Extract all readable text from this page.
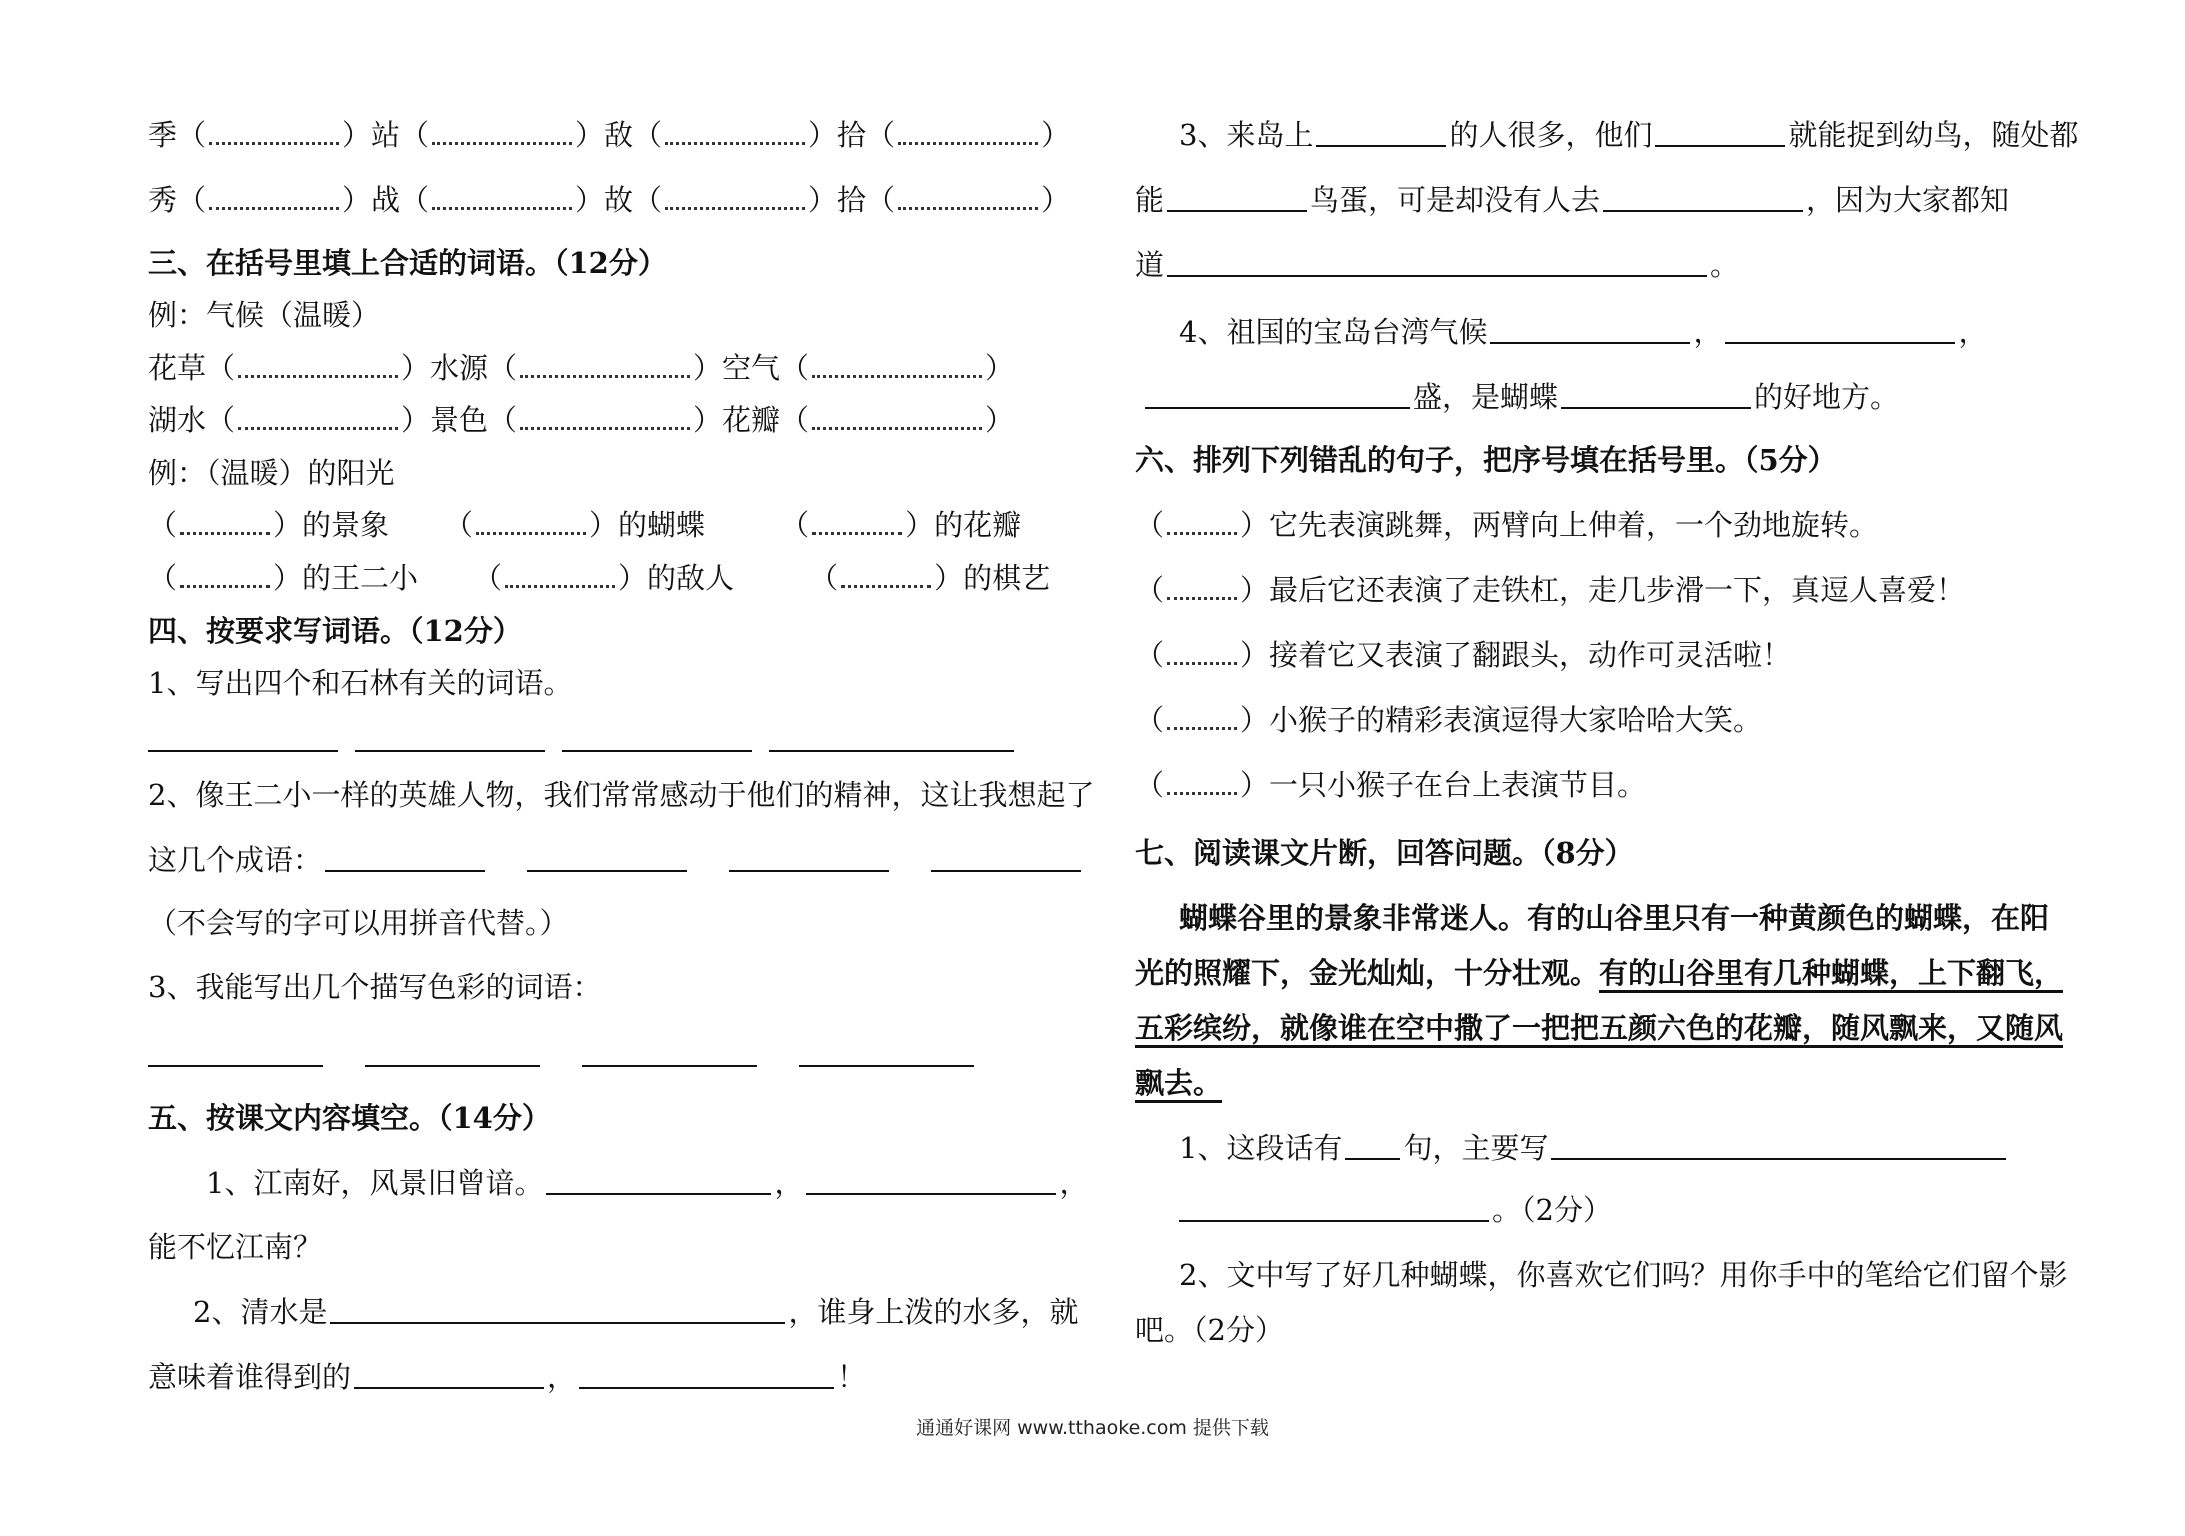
季（	）站（	）敌（	）拾（	）
秀（	）战（	）故（	）拾（	）
三、在括号里填上合适的词语。（12分）
例：气候（温暖）
花草（	）水源（	）空气（	）
湖水（	）景色（	）花瓣（	）
例：（温暖）的阳光
（	）的景象 （	）的蝴蝶	（	）的花瓣
（	）的王二小 （	）的敌人	（	）的棋艺
四、按要求写词语。（12分）
1、写出四个和石林有关的词语。
2、像王二小一样的英雄人物，我们常常感动于他们的精神，这让我想起了
这几个成语：
（不会写的字可以用拼音代替。）
3、我能写出几个描写色彩的词语：
五、按课文内容填空。（14分）
1、江南好，风景旧曾谙。	，	，
能不忆江南？
2、清水是	，谁身上泼的水多，就
意味着谁得到的	，	！
3、来岛上	的人很多，他们	就能捉到幼鸟，随处都
能	鸟蛋，可是却没有人去	，因为大家都知
道	。
4、祖国的宝岛台湾气候	，	，
盛，是蝴蝶	的好地方。
六、排列下列错乱的句子，把序号填在括号里。（5分）
（	）它先表演跳舞，两臂向上伸着，一个劲地旋转。
（	）最后它还表演了走铁杠，走几步滑一下，真逗人喜爱！
（	）接着它又表演了翻跟头，动作可灵活啦！
（	）小猴子的精彩表演逗得大家哈哈大笑。
（	）一只小猴子在台上表演节目。
七、阅读课文片断，回答问题。（8分）
蝴蝶谷里的景象非常迷人。有的山谷里只有一种黄颜色的蝴蝶，在阳
光的照耀下，金光灿灿，十分壮观。有的山谷里有几种蝴蝶，上下翻飞，
五彩缤纷，就像谁在空中撒了一把把五颜六色的花瓣，随风飘来，又随风
飘去。
1、这段话有 句，主要写
。（2分）
2、文中写了好几种蝴蝶，你喜欢它们吗？用你手中的笔给它们留个影
吧。（2分）
通通好课网 www.tthaoke.com 提供下载
